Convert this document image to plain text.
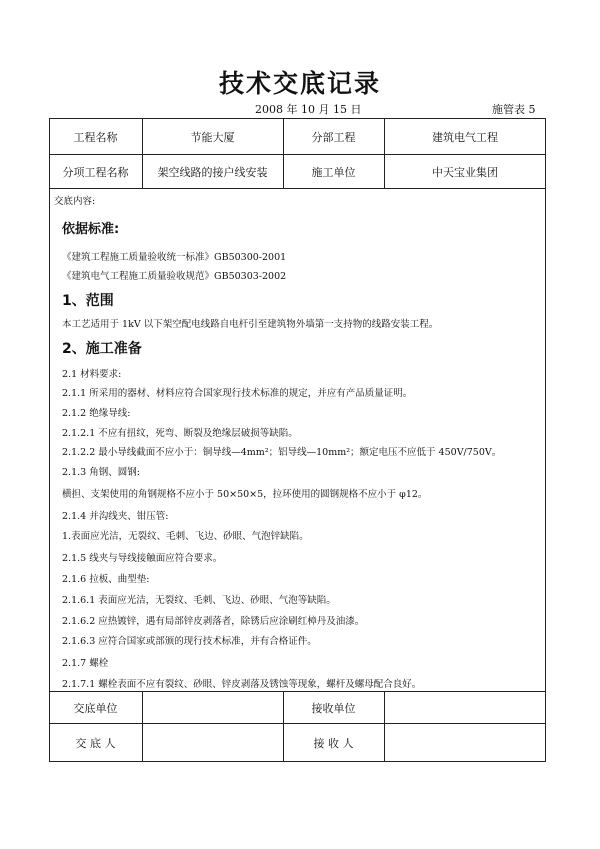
技术交底记录
2008 年 10 月 15 日	施管表 5
工程名称	节能大厦	分部工程	建筑电气工程
分项工程名称	架空线路的接户线安装	施工单位	中天宝业集团
交底内容:
依据标准:
《建筑工程施工质量验收统一标准》GB50300-2001
《建筑电气工程施工质量验收规范》GB50303-2002
1、范围
本工艺适用于 1kV 以下架空配电线路自电杆引至建筑物外墙第一支持物的线路安装工程。
2、施工准备
2.1 材料要求:
2.1.1 所采用的器材、材料应符合国家现行技术标准的规定，并应有产品质量证明。
2.1.2 绝缘导线:
2.1.2.1 不应有扭纹，死弯、断裂及绝缘层破损等缺陷。
2.1.2.2 最小导线截面不应小于：铜导线—4mm²；铝导线—10mm²；额定电压不应低于 450V/750V。
2.1.3 角钢、圆钢:
横担、支架使用的角钢规格不应小于 50×50×5，拉环使用的圆钢规格不应小于 φ12。
2.1.4 并沟线夹、钳压管:
1.表面应光洁，无裂纹、毛刺、飞边、砂眼、气泡锌缺陷。
2.1.5 线夹与导线接触面应符合要求。
2.1.6 拉板、曲型垫:
2.1.6.1 表面应光洁，无裂纹、毛刺、飞边、砂眼、气泡等缺陷。
2.1.6.2 应热镀锌，遇有局部锌皮剥落者，除锈后应涂刷红樟丹及油漆。
2.1.6.3 应符合国家或部颁的现行技术标准，并有合格证件。
2.1.7 螺栓
2.1.7.1 螺栓表面不应有裂纹、砂眼、锌皮剥落及锈蚀等现象，螺杆及螺母配合良好。
交底单位	接收单位
交 底 人	接 收 人
